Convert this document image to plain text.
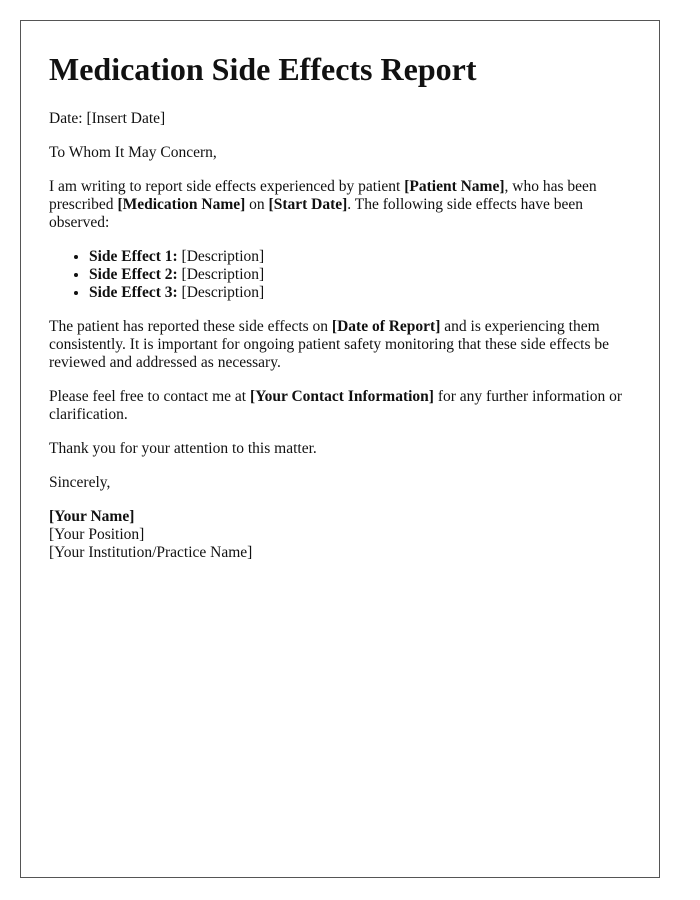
Medication Side Effects Report

Date: [Insert Date]

To Whom It May Concern,

I am writing to report side effects experienced by patient [Patient Name], who has been prescribed [Medication Name] on [Start Date]. The following side effects have been observed:

• Side Effect 1: [Description]
• Side Effect 2: [Description]
• Side Effect 3: [Description]

The patient has reported these side effects on [Date of Report] and is experiencing them consistently. It is important for ongoing patient safety monitoring that these side effects be reviewed and addressed as necessary.

Please feel free to contact me at [Your Contact Information] for any further information or clarification.

Thank you for your attention to this matter.

Sincerely,

[Your Name]
[Your Position]
[Your Institution/Practice Name]
